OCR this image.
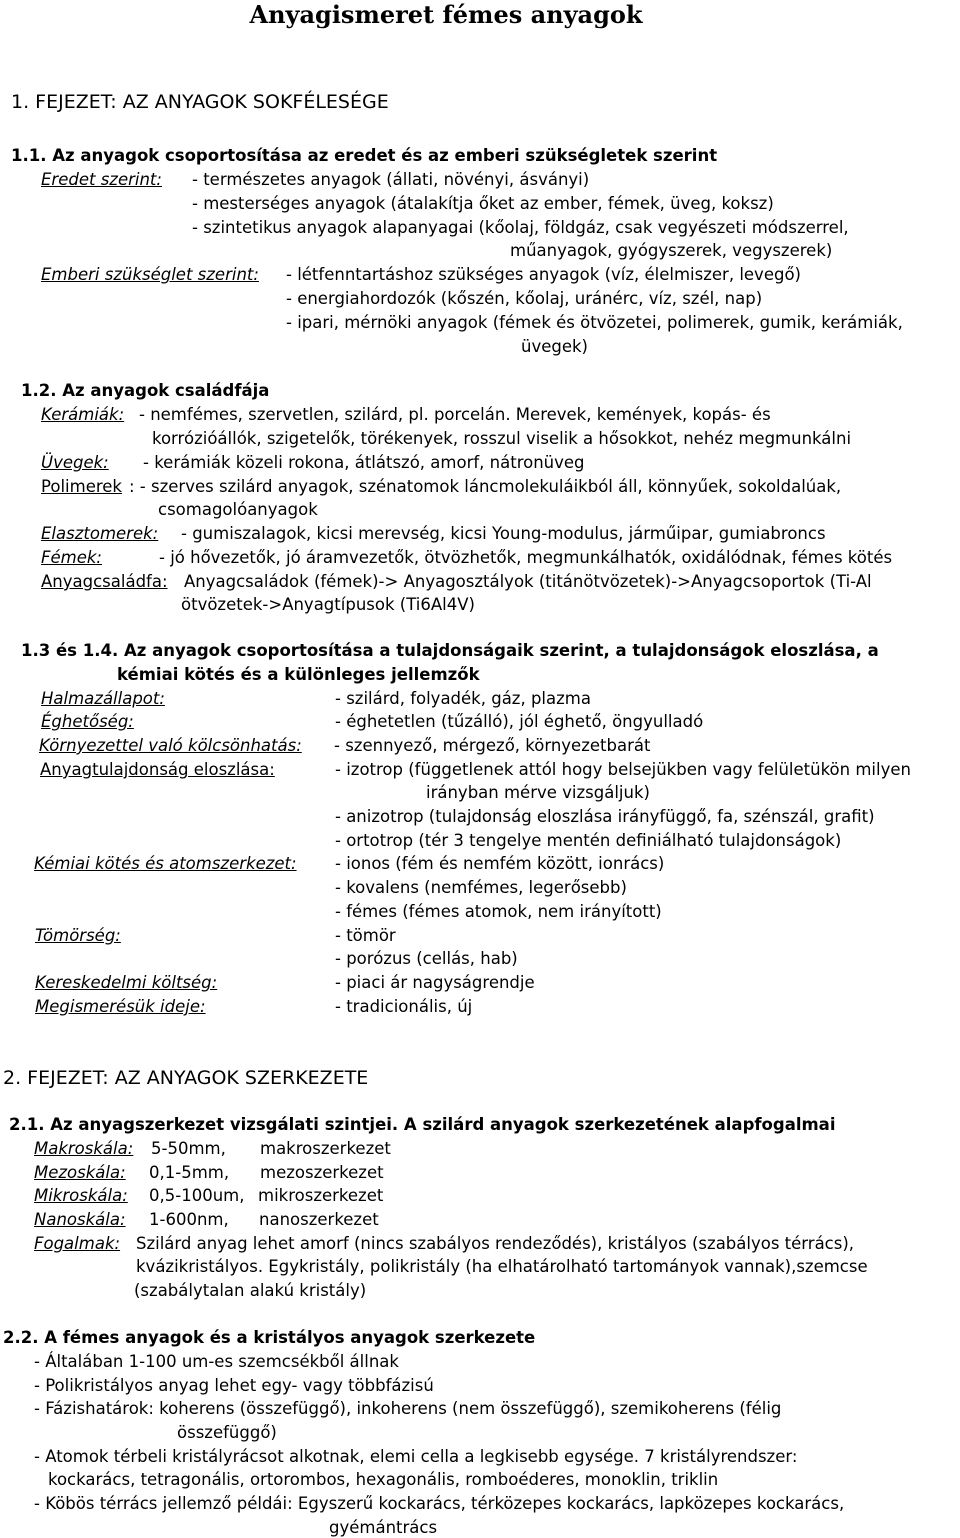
Anyagismeret fémes anyagok
1. FEJEZET: AZ ANYAGOK SOKFÉLESÉGE
1.1. Az anyagok csoportosítása az eredet és az emberi szükségletek szerint
Eredet szerint: - természetes anyagok (állati, növényi, ásványi)
- mesterséges anyagok (átalakítja őket az ember, fémek, üveg, koksz)
- szintetikus anyagok alapanyagai (kőolaj, földgáz, csak vegyészeti módszerrel,
műanyagok, gyógyszerek, vegyszerek)
Emberi szükséglet szerint: - létfenntartáshoz szükséges anyagok (víz, élelmiszer, levegő)
- energiahordozók (kőszén, kőolaj, uránérc, víz, szél, nap)
- ipari, mérnöki anyagok (fémek és ötvözetei, polimerek, gumik, kerámiák,
üvegek)
1.2. Az anyagok családfája
Kerámiák: - nemfémes, szervetlen, szilárd, pl. porcelán. Merevek, kemények, kopás- és
korrózióállók, szigetelők, törékenyek, rosszul viselik a hősokkot, nehéz megmunkálni
Üvegek: - kerámiák közeli rokona, átlátszó, amorf, nátronüveg
Polimerek : - szerves szilárd anyagok, szénatomok láncmolekuláikból áll, könnyűek, sokoldalúak,
csomagolóanyagok
Elasztomerek: - gumiszalagok, kicsi merevség, kicsi Young-modulus, járműipar, gumiabroncs
Fémek:	- jó hővezetők, jó áramvezetők, ötvözhetők, megmunkálhatók, oxidálódnak, fémes kötés
Anyagcsaládfa: Anyagcsaládok (fémek)-> Anyagosztályok (titánötvözetek)->Anyagcsoportok (Ti-Al
ötvözetek->Anyagtípusok (Ti6Al4V)
1.3 és 1.4. Az anyagok csoportosítása a tulajdonságaik szerint, a tulajdonságok eloszlása, a
kémiai kötés és a különleges jellemzők
Halmazállapot:	- szilárd, folyadék, gáz, plazma
Éghetőség:	- éghetetlen (tűzálló), jól éghető, öngyulladó
Környezettel való kölcsönhatás: - szennyező, mérgező, környezetbarát
Anyagtulajdonság eloszlása:	- izotrop (függetlenek attól hogy belsejükben vagy felületükön milyen
irányban mérve vizsgáljuk)
- anizotrop (tulajdonság eloszlása irányfüggő, fa, szénszál, grafit)
- ortotrop (tér 3 tengelye mentén definiálható tulajdonságok)
Kémiai kötés és atomszerkezet: - ionos (fém és nemfém között, ionrács)
- kovalens (nemfémes, legerősebb)
- fémes (fémes atomok, nem irányított)
Tömörség:	- tömör
- porózus (cellás, hab)
Kereskedelmi költség:	- piaci ár nagyságrendje
Megismerésük ideje:	- tradicionális, új
2. FEJEZET: AZ ANYAGOK SZERKEZETE
2.1. Az anyagszerkezet vizsgálati szintjei. A szilárd anyagok szerkezetének alapfogalmai
Makroskála: 5-50mm, makroszerkezet
Mezoskála: 0,1-5mm, mezoszerkezet
Mikroskála: 0,5-100um, mikroszerkezet
Nanoskála: 1-600nm, nanoszerkezet
Fogalmak: Szilárd anyag lehet amorf (nincs szabályos rendeződés), kristályos (szabályos térrács),
kvázikristályos. Egykristály, polikristály (ha elhatárolható tartományok vannak),szemcse
(szabálytalan alakú kristály)
2.2. A fémes anyagok és a kristályos anyagok szerkezete
- Általában 1-100 um-es szemcsékből állnak
- Polikristályos anyag lehet egy- vagy többfázisú
- Fázishatárok: koherens (összefüggő), inkoherens (nem összefüggő), szemikoherens (félig
összefüggő)
- Atomok térbeli kristályrácsot alkotnak, elemi cella a legkisebb egysége. 7 kristályrendszer:
kockarács, tetragonális, ortorombos, hexagonális, romboéderes, monoklin, triklin
- Köbös térrács jellemző példái: Egyszerű kockarács, térközepes kockarács, lapközepes kockarács,
gyémántrács
